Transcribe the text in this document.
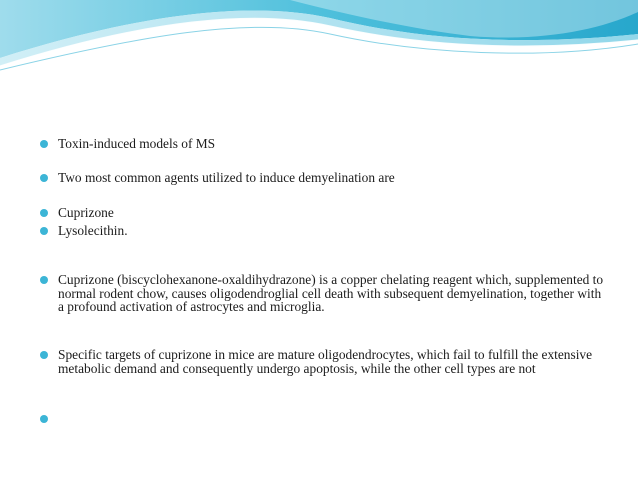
Toxin-induced models of MS
Two most common agents utilized to induce demyelination are
Cuprizone
Lysolecithin.
Cuprizone (biscyclohexanone-oxaldihydrazone) is a copper chelating reagent which, supplemented to normal rodent chow, causes oligodendroglial cell death with subsequent demyelination, together with a profound activation of astrocytes and microglia.
Specific targets of cuprizone in mice are mature oligodendrocytes, which fail to fulfill the extensive metabolic demand and consequently undergo apoptosis, while the other cell types are not
